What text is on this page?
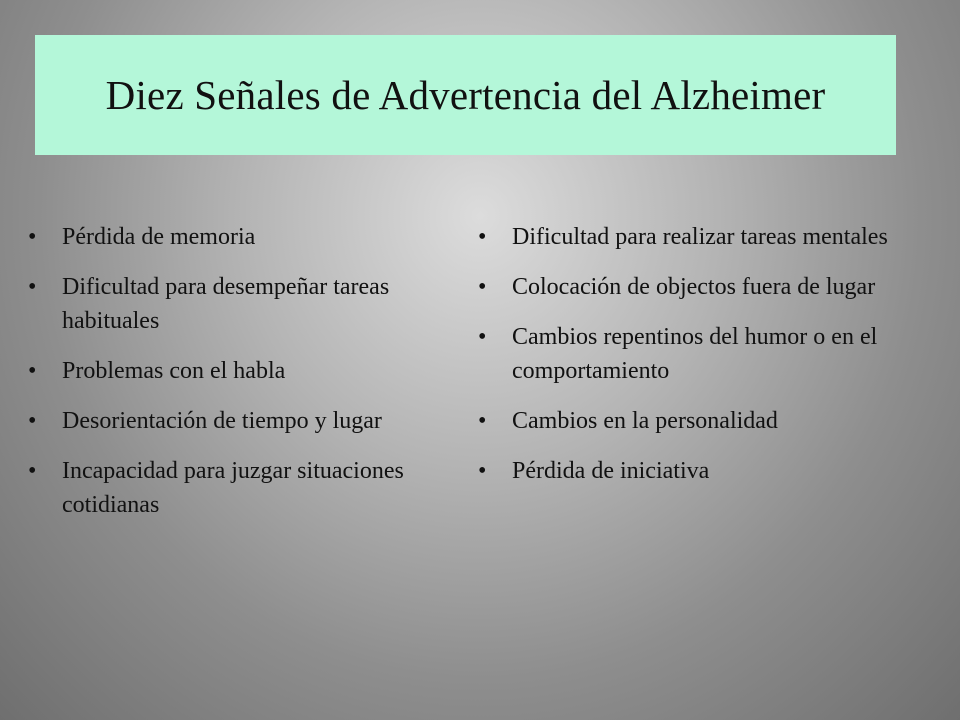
Diez Señales de Advertencia del Alzheimer
•	Pérdida de memoria
•	Dificultad para desempeñar tareas habituales
•	Problemas con el habla
•	Desorientación de tiempo y lugar
•	Incapacidad para juzgar situaciones cotidianas
•	Dificultad para realizar tareas mentales
•	Colocación de objectos fuera de lugar
•	Cambios repentinos del humor o en el comportamiento
•	Cambios en la personalidad
•	Pérdida de iniciativa
